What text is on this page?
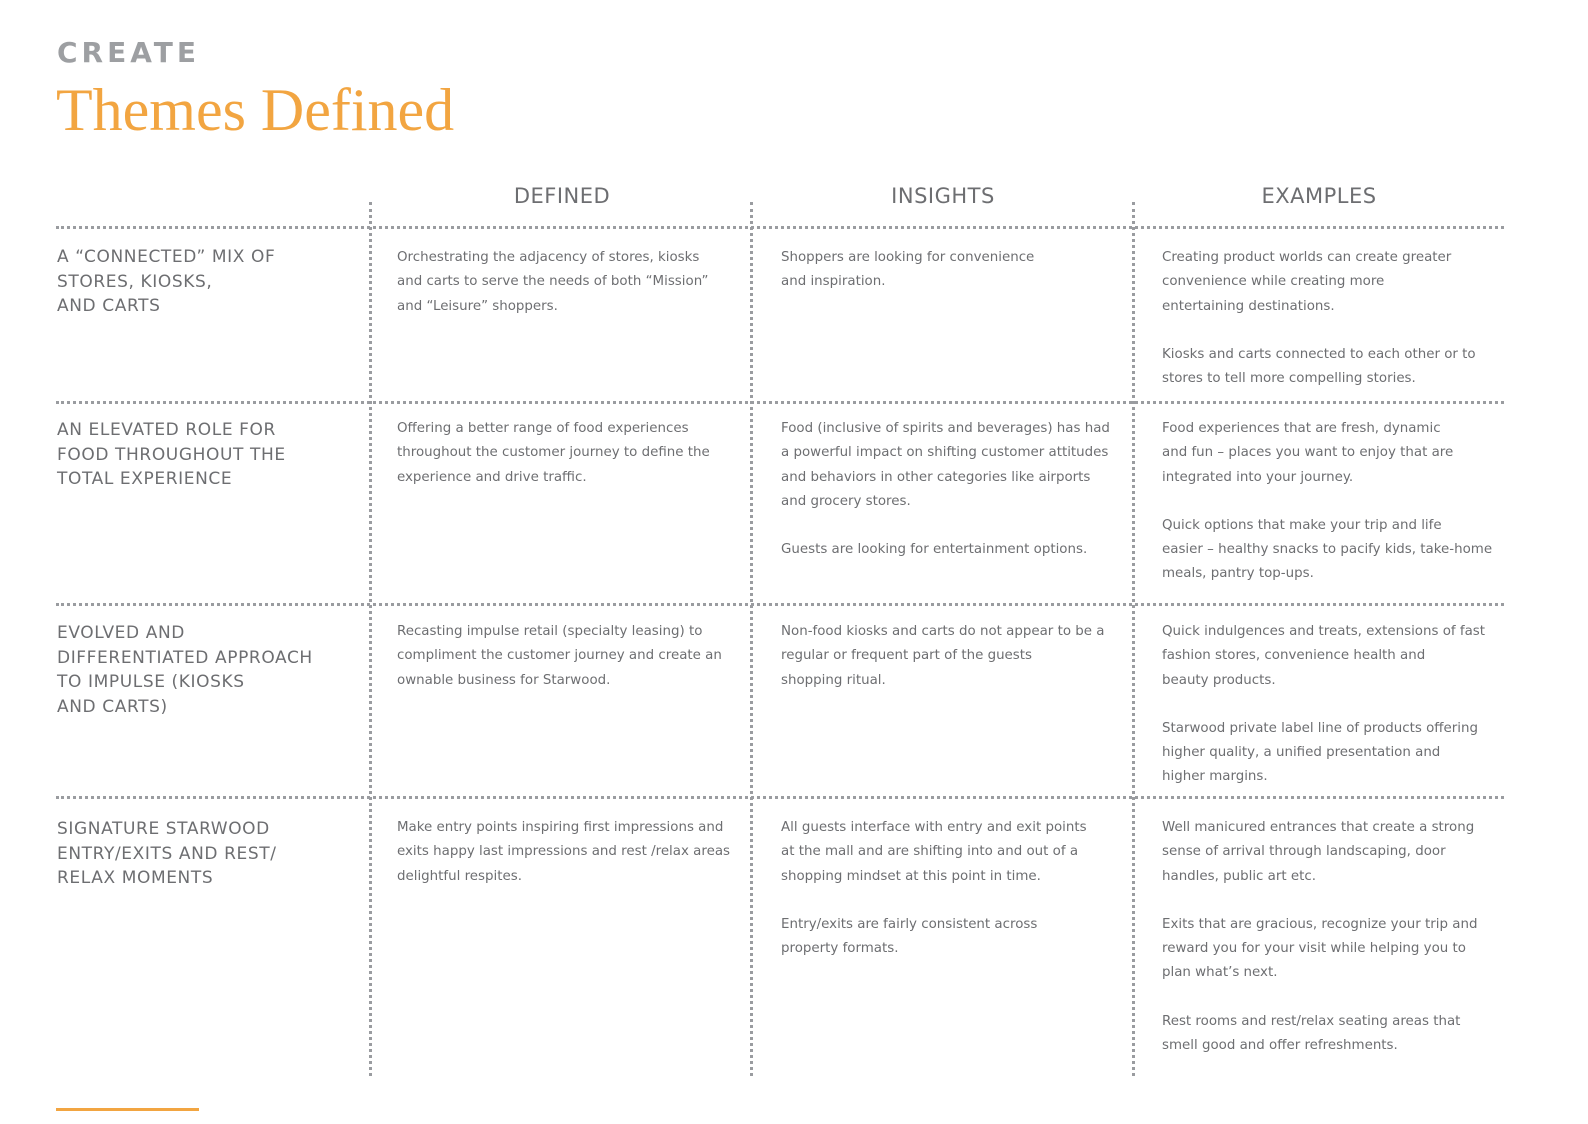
CREATE
Themes Defined
DEFINED	INSIGHTS	EXAMPLES
A “CONNECTED” MIX OF
STORES, KIOSKS,
AND CARTS
Orchestrating the adjacency of stores, kiosks
and carts to serve the needs of both “Mission”
and “Leisure” shoppers.
Shoppers are looking for convenience
and inspiration.
Creating product worlds can create greater
convenience while creating more
entertaining destinations.
Kiosks and carts connected to each other or to
stores to tell more compelling stories.
AN ELEVATED ROLE FOR
FOOD THROUGHOUT THE
TOTAL EXPERIENCE
Offering a better range of food experiences
throughout the customer journey to define the
experience and drive traffic.
Food (inclusive of spirits and beverages) has had
a powerful impact on shifting customer attitudes
and behaviors in other categories like airports
and grocery stores.
Guests are looking for entertainment options.
Food experiences that are fresh, dynamic
and fun – places you want to enjoy that are
integrated into your journey.
Quick options that make your trip and life
easier – healthy snacks to pacify kids, take-home
meals, pantry top-ups.
EVOLVED AND
DIFFERENTIATED APPROACH
TO IMPULSE (KIOSKS
AND CARTS)
Recasting impulse retail (specialty leasing) to
compliment the customer journey and create an
ownable business for Starwood.
Non-food kiosks and carts do not appear to be a
regular or frequent part of the guests
shopping ritual.
Quick indulgences and treats, extensions of fast
fashion stores, convenience health and
beauty products.
Starwood private label line of products offering
higher quality, a unified presentation and
higher margins.
SIGNATURE STARWOOD
ENTRY/EXITS AND REST/
RELAX MOMENTS
Make entry points inspiring first impressions and
exits happy last impressions and rest /relax areas
delightful respites.
All guests interface with entry and exit points
at the mall and are shifting into and out of a
shopping mindset at this point in time.
Entry/exits are fairly consistent across
property formats.
Well manicured entrances that create a strong
sense of arrival through landscaping, door
handles, public art etc.
Exits that are gracious, recognize your trip and
reward you for your visit while helping you to
plan what’s next.
Rest rooms and rest/relax seating areas that
smell good and offer refreshments.
